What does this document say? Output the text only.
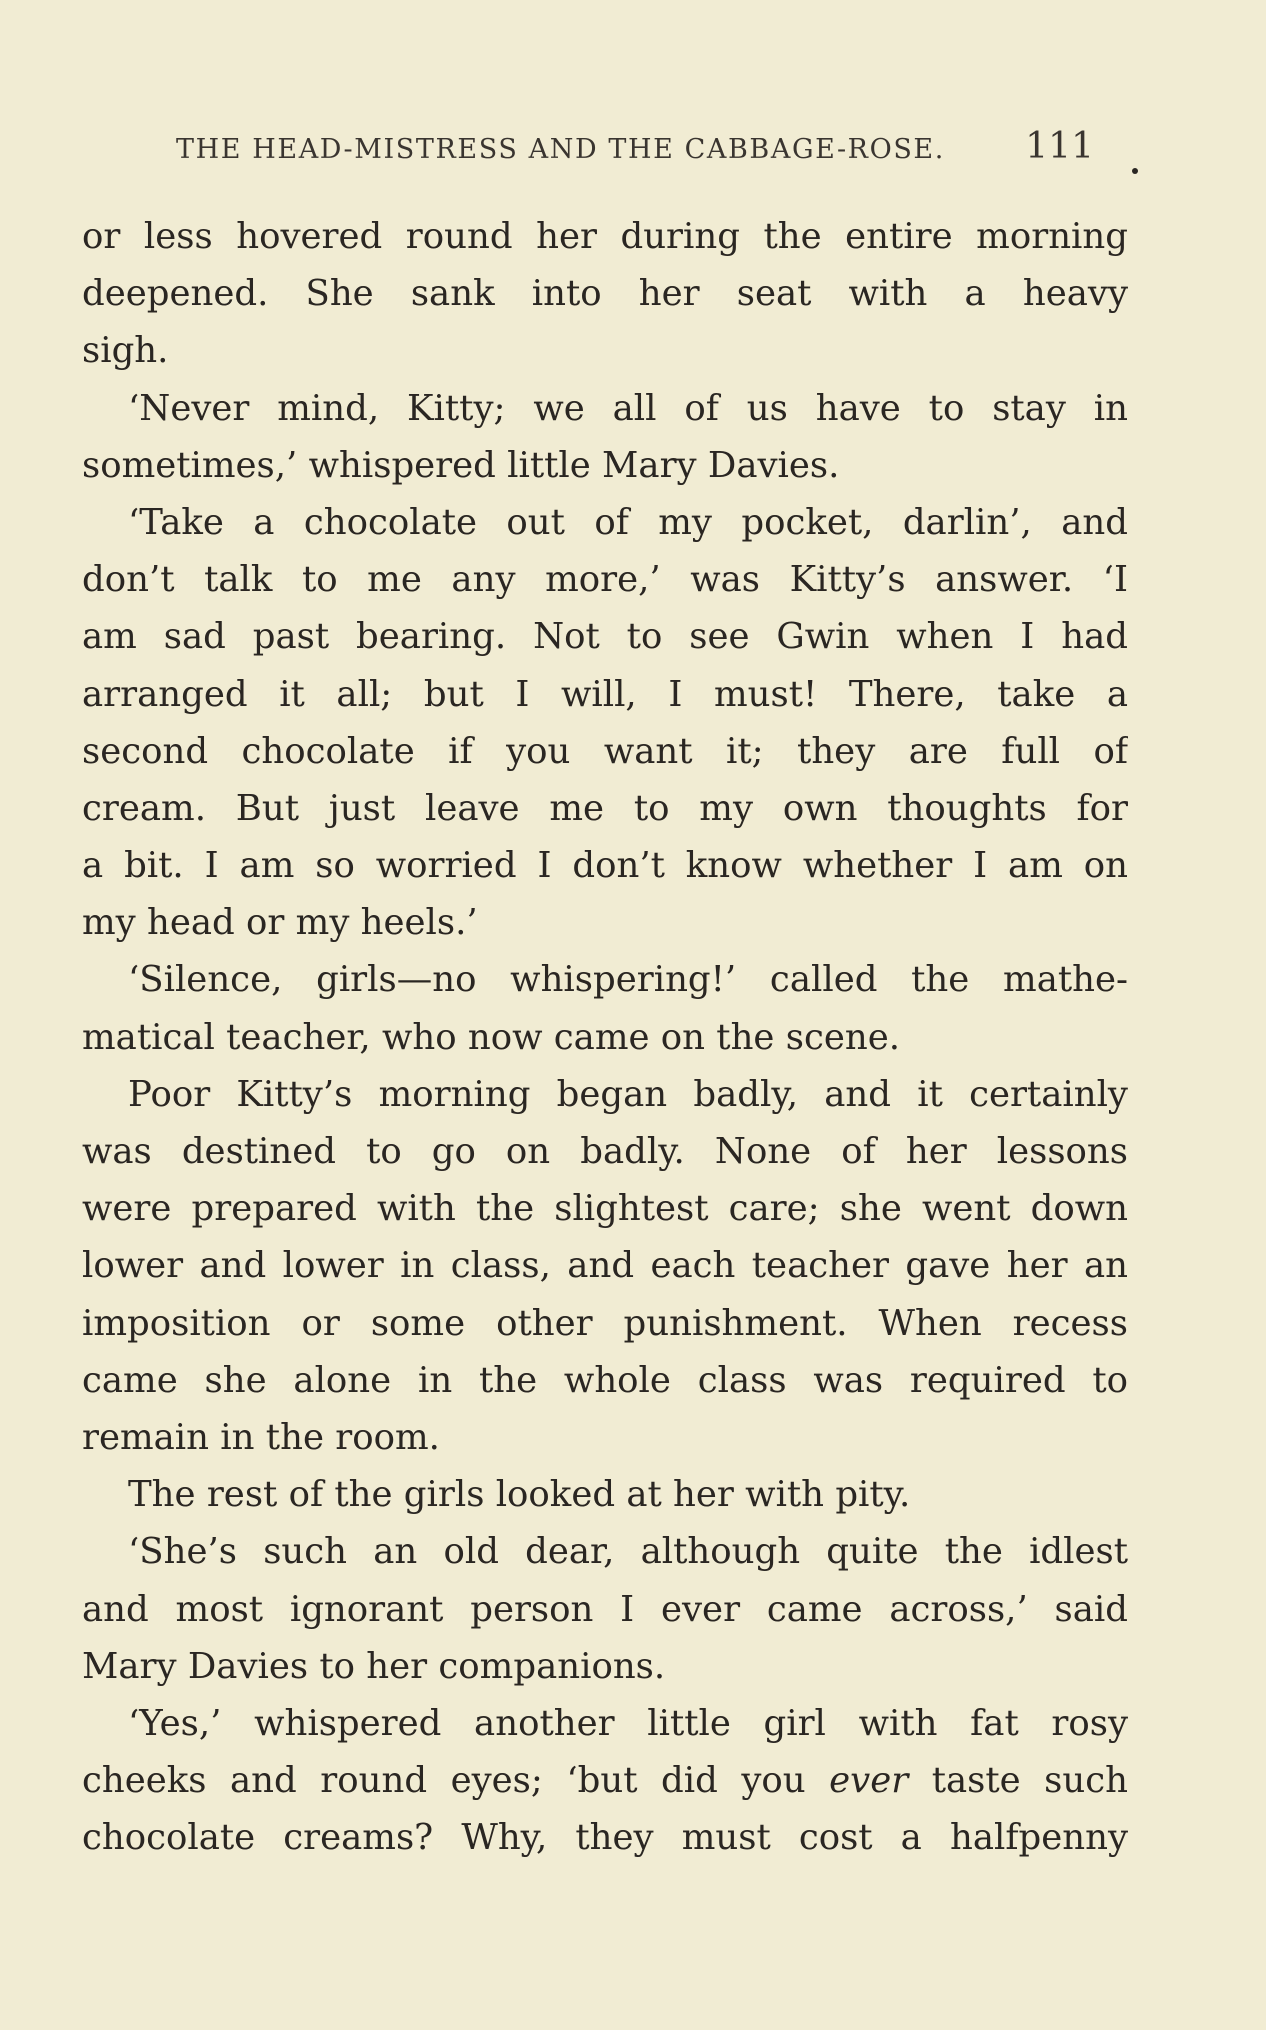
THE HEAD-MISTRESS AND THE CABBAGE-ROSE. 111
or less hovered round her during the entire morning
deepened. She sank into her seat with a heavy
sigh.
‘Never mind, Kitty; we all of us have to stay in
sometimes,’ whispered little Mary Davies.
‘Take a chocolate out of my pocket, darlin’, and
don’t talk to me any more,’ was Kitty’s answer. ‘I
am sad past bearing. Not to see Gwin when I had
arranged it all; but I will, I must! There, take a
second chocolate if you want it; they are full of
cream. But just leave me to my own thoughts for
a bit. I am so worried I don’t know whether I am on
my head or my heels.’
‘Silence, girls—no whispering!’ called the mathe-
matical teacher, who now came on the scene.
Poor Kitty’s morning began badly, and it certainly
was destined to go on badly. None of her lessons
were prepared with the slightest care; she went down
lower and lower in class, and each teacher gave her an
imposition or some other punishment. When recess
came she alone in the whole class was required to
remain in the room.
The rest of the girls looked at her with pity.
‘She’s such an old dear, although quite the idlest
and most ignorant person I ever came across,’ said
Mary Davies to her companions.
‘Yes,’ whispered another little girl with fat rosy
cheeks and round eyes; ‘but did you ever taste such
chocolate creams? Why, they must cost a halfpenny
